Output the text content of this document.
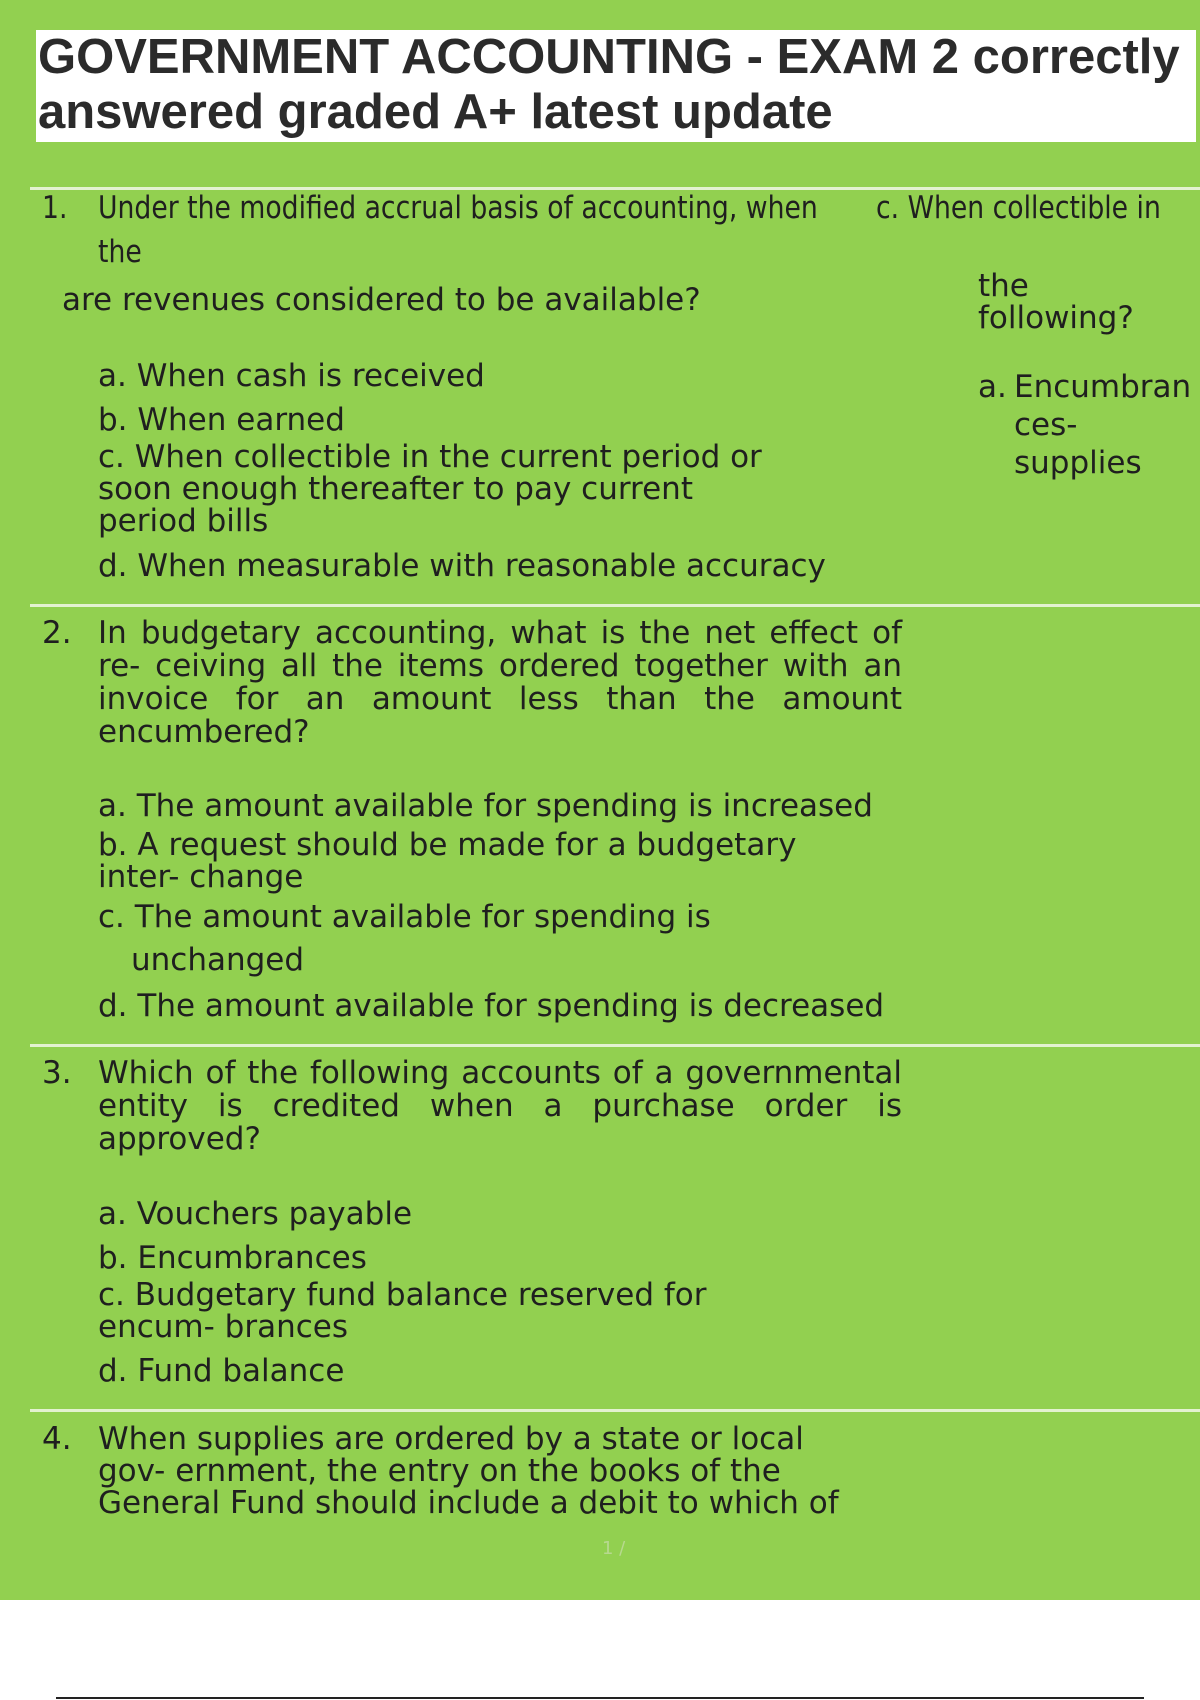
GOVERNMENT ACCOUNTING - EXAM 2 correctly answered graded A+ latest update
1. Under the modified accrual basis of accounting, when c. When collectible in
the
are revenues considered to be available?	the
following?
a. Encumbran
ces-
supplies
a. When cash is received
b. When earned
c. When collectible in the current period or soon enough thereafter to pay current period bills
d. When measurable with reasonable accuracy
2. In budgetary accounting, what is the net effect of re- ceiving all the items ordered together with an invoice for an amount less than the amount encumbered?
a. The amount available for spending is increased
b. A request should be made for a budgetary inter- change
c. The amount available for spending is
unchanged
d. The amount available for spending is decreased
3. Which of the following accounts of a governmental entity is credited when a purchase order is approved?
a. Vouchers payable
b. Encumbrances
c. Budgetary fund balance reserved for encum- brances
d. Fund balance
4. When supplies are ordered by a state or local gov- ernment, the entry on the books of the General Fund should include a debit to which of
1 /
